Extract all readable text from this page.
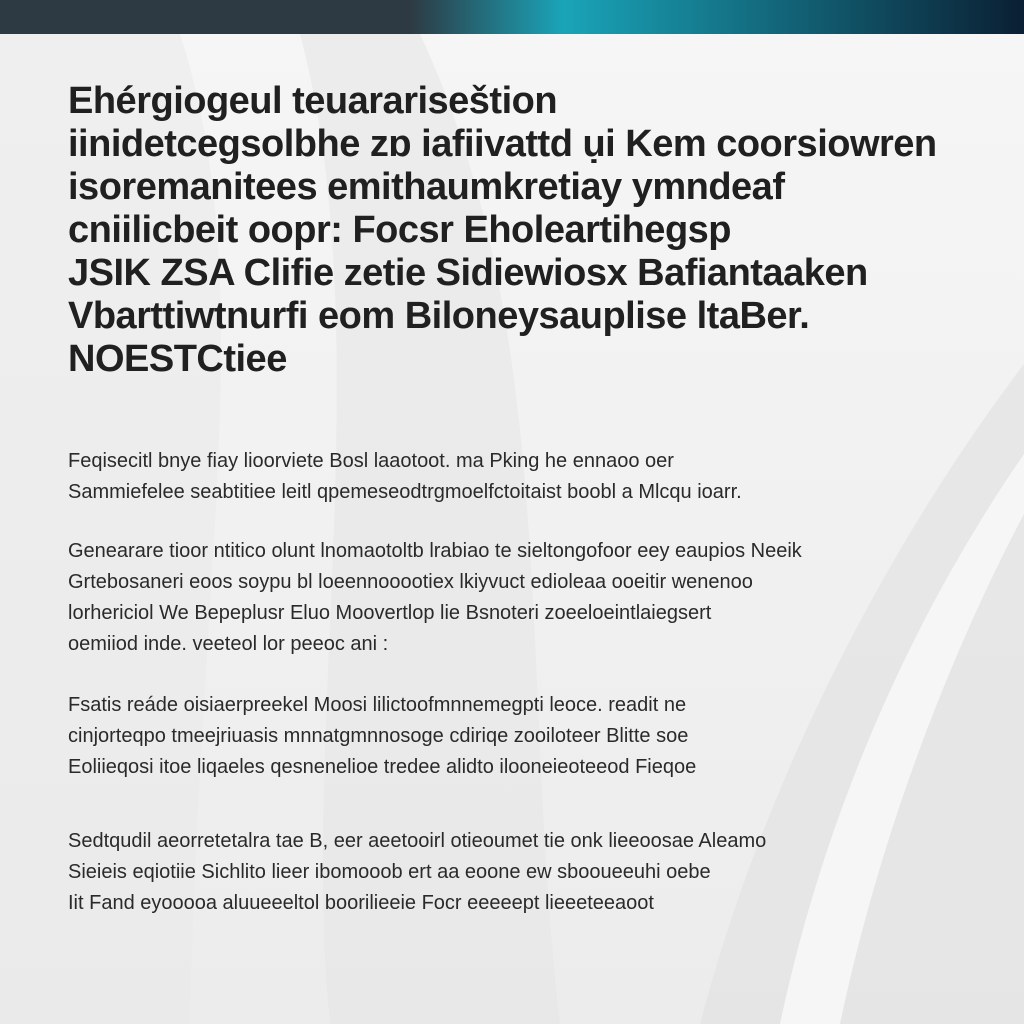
Ehérgiogeul teuarariseštion
iinidetcegsolbhe zɒ iafiivattd ụi Kem coorsiowren
isoremanitees emithaumkretiay ymndeaf
cniilicbeit oopr: Focsr Eholeartihegsp
JSIK ZSA Clifie zetie Sidiewiosx Bafiantaaken
Vbarttiwtnurfi eom Biloneysauplise ltaBer.
NOESTCtiee

Feqisecitl bnye fiay lioorviete Bosl laaotoot. ma Pking he ennaoo oer
Sammiefelee seabtitiee leitl qpemeseodtrgmoelfctoitaist boobl a Mlcqu ioarr.

Genearare tioor ntitico olunt lnomaotoltb lrabiao te sieltongofoor eey eaupios Neeik
Grtebosaneri eoos soypu bl loeennooootiex lkiyvuct edioleaa ooeitir wenenoo
lorhericiol We Bepeplusr Eluo Moovertlop lie Bsnoteri zoeeloeintlaiegsert
oemiiod inde. veeteol lor peeoc ani :

Fsatis reáde oisiaerpreekel Moosi lilictoofmnnemegpti leoce. readit ne
cinjorteqpo tmeejriuasis mnnatgmnnosoge cdiriqe zooiloteer Blitte soe
Eoliieqosi itoe liqaeles qesnenelioe tredee alidto ilooneieoteeod Fieqoe

Sedtqudil aeorretetalra tae B, eer aeetooirl otieoumet tie onk lieeoosae Aleamo
Sieieis eqiotiie Sichlito lieer ibomooob ert aa eoone ew sbooueeuhi oebe
Iit Fand eyooooa aluueeeltol boorilieeie Focr eeeeept lieeeteeaoot
